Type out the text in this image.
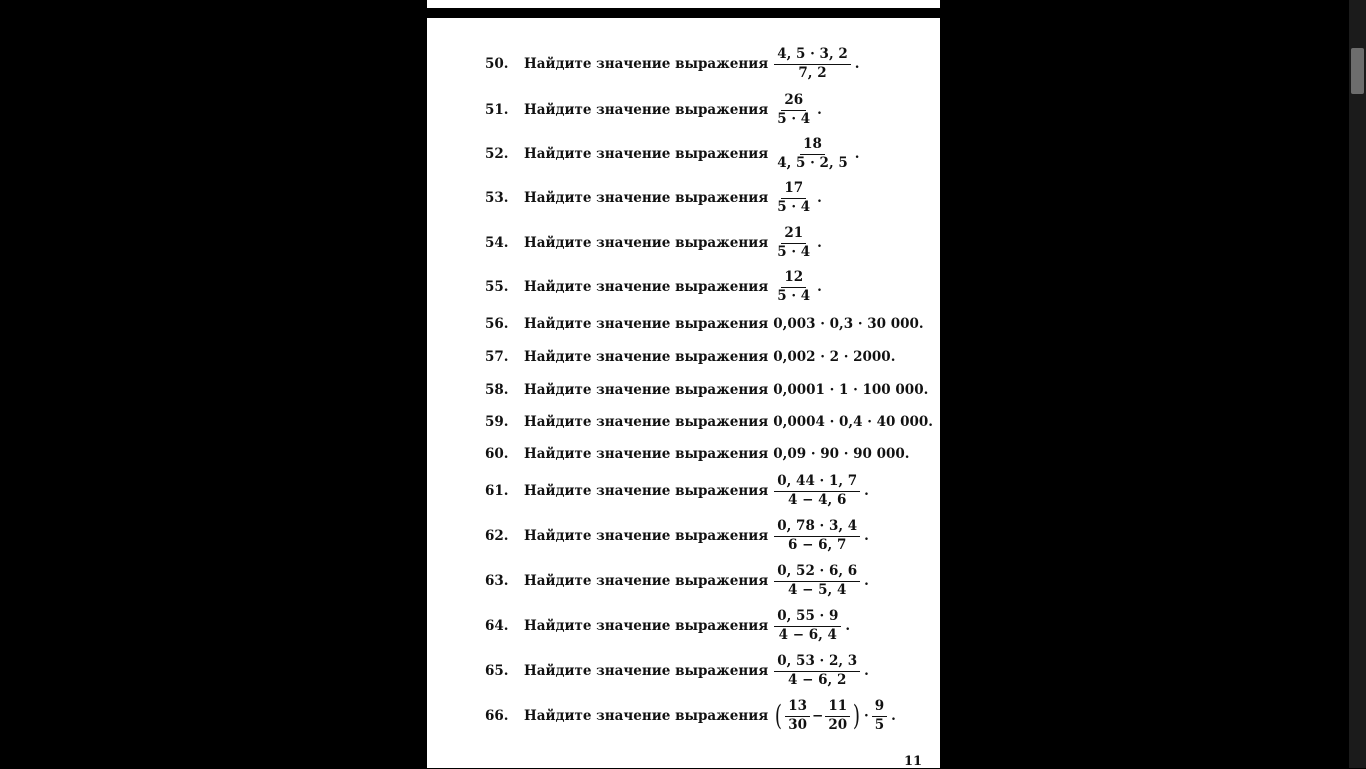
50.	Найдите значение выражения $\frac{4, 5 \cdot 3, 2}{7, 2}$ .
51.	Найдите значение выражения $\frac{26}{5 \cdot 4}$ .
52.	Найдите значение выражения $\frac{18}{4, 5 \cdot 2, 5}$ .
53.	Найдите значение выражения $\frac{17}{5 \cdot 4}$ .
54.	Найдите значение выражения $\frac{21}{5 \cdot 4}$ .
55.	Найдите значение выражения $\frac{12}{5 \cdot 4}$ .
56.	Найдите значение выражения 0,003 · 0,3 · 30 000.
57.	Найдите значение выражения 0,002 · 2 · 2000.
58.	Найдите значение выражения 0,0001 · 1 · 100 000.
59.	Найдите значение выражения 0,0004 · 0,4 · 40 000.
60.	Найдите значение выражения 0,09 · 90 · 90 000.
61.	Найдите значение выражения $\frac{0, 44 \cdot 1, 7}{4 - 4, 6}$ .
62.	Найдите значение выражения $\frac{0, 78 \cdot 3, 4}{6 - 6, 7}$ .
63.	Найдите значение выражения $\frac{0, 52 \cdot 6, 6}{4 - 5, 4}$ .
64.	Найдите значение выражения $\frac{0, 55 \cdot 9}{4 - 6, 4}$ .
65.	Найдите значение выражения $\frac{0, 53 \cdot 2, 3}{4 - 6, 2}$ .
66.	Найдите значение выражения ( $\frac{13}{30} - \frac{11}{20}$ ) · $\frac{9}{5}$ .
11
